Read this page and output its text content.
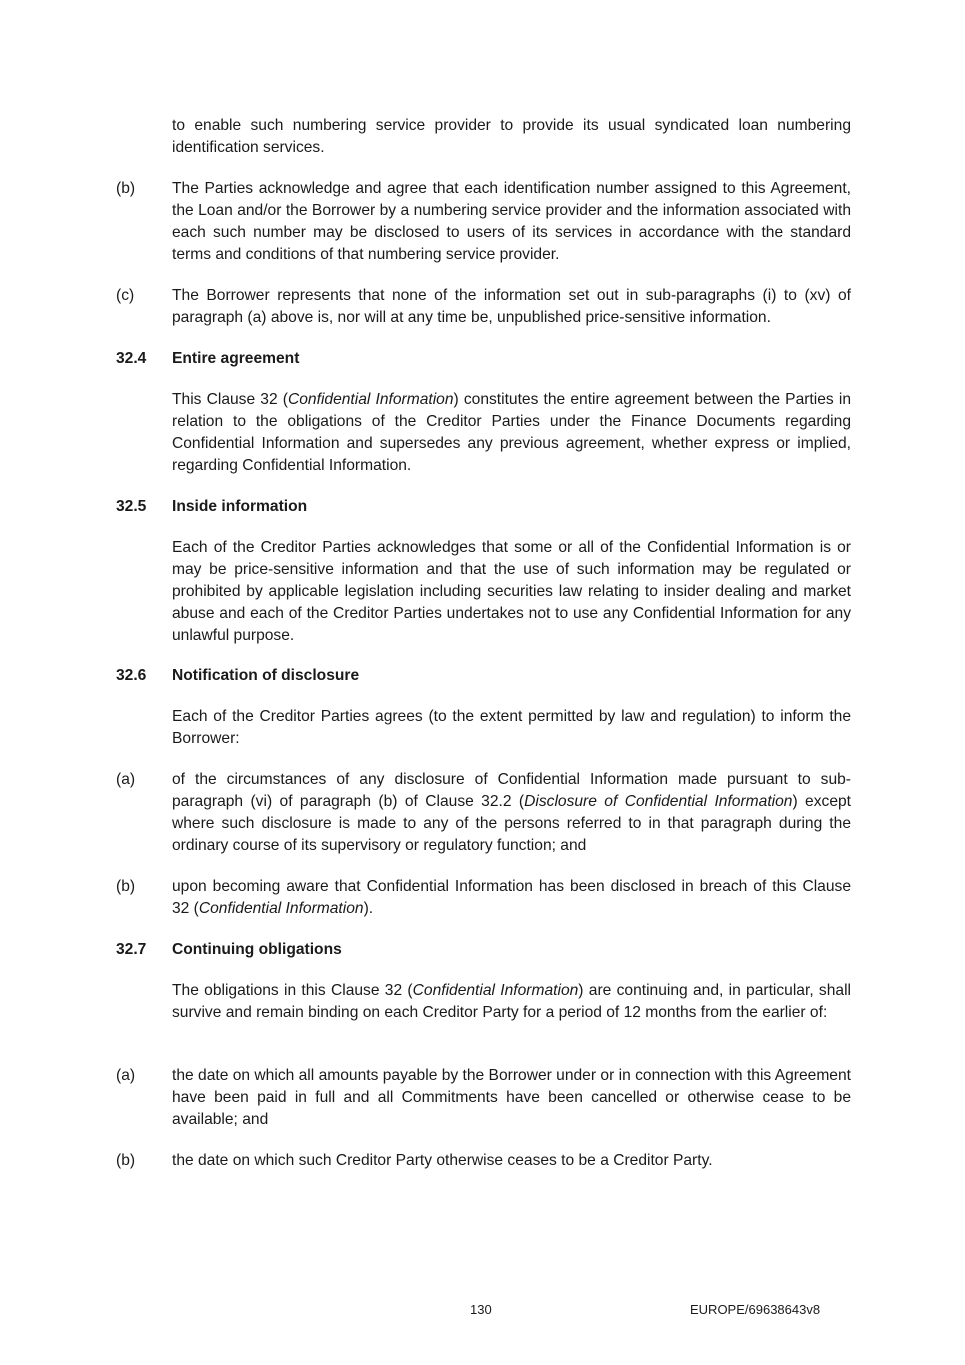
to enable such numbering service provider to provide its usual syndicated loan numbering identification services.

(b) The Parties acknowledge and agree that each identification number assigned to this Agreement, the Loan and/or the Borrower by a numbering service provider and the information associated with each such number may be disclosed to users of its services in accordance with the standard terms and conditions of that numbering service provider.

(c) The Borrower represents that none of the information set out in sub-paragraphs (i) to (xv) of paragraph (a) above is, nor will at any time be, unpublished price-sensitive information.

32.4 Entire agreement

This Clause 32 (Confidential Information) constitutes the entire agreement between the Parties in relation to the obligations of the Creditor Parties under the Finance Documents regarding Confidential Information and supersedes any previous agreement, whether express or implied, regarding Confidential Information.

32.5 Inside information

Each of the Creditor Parties acknowledges that some or all of the Confidential Information is or may be price-sensitive information and that the use of such information may be regulated or prohibited by applicable legislation including securities law relating to insider dealing and market abuse and each of the Creditor Parties undertakes not to use any Confidential Information for any unlawful purpose.

32.6 Notification of disclosure

Each of the Creditor Parties agrees (to the extent permitted by law and regulation) to inform the Borrower:

(a) of the circumstances of any disclosure of Confidential Information made pursuant to sub-paragraph (vi) of paragraph (b) of Clause 32.2 (Disclosure of Confidential Information) except where such disclosure is made to any of the persons referred to in that paragraph during the ordinary course of its supervisory or regulatory function; and

(b) upon becoming aware that Confidential Information has been disclosed in breach of this Clause 32 (Confidential Information).

32.7 Continuing obligations

The obligations in this Clause 32 (Confidential Information) are continuing and, in particular, shall survive and remain binding on each Creditor Party for a period of 12 months from the earlier of:

(a) the date on which all amounts payable by the Borrower under or in connection with this Agreement have been paid in full and all Commitments have been cancelled or otherwise cease to be available; and

(b) the date on which such Creditor Party otherwise ceases to be a Creditor Party.

130	EUROPE/69638643v8
